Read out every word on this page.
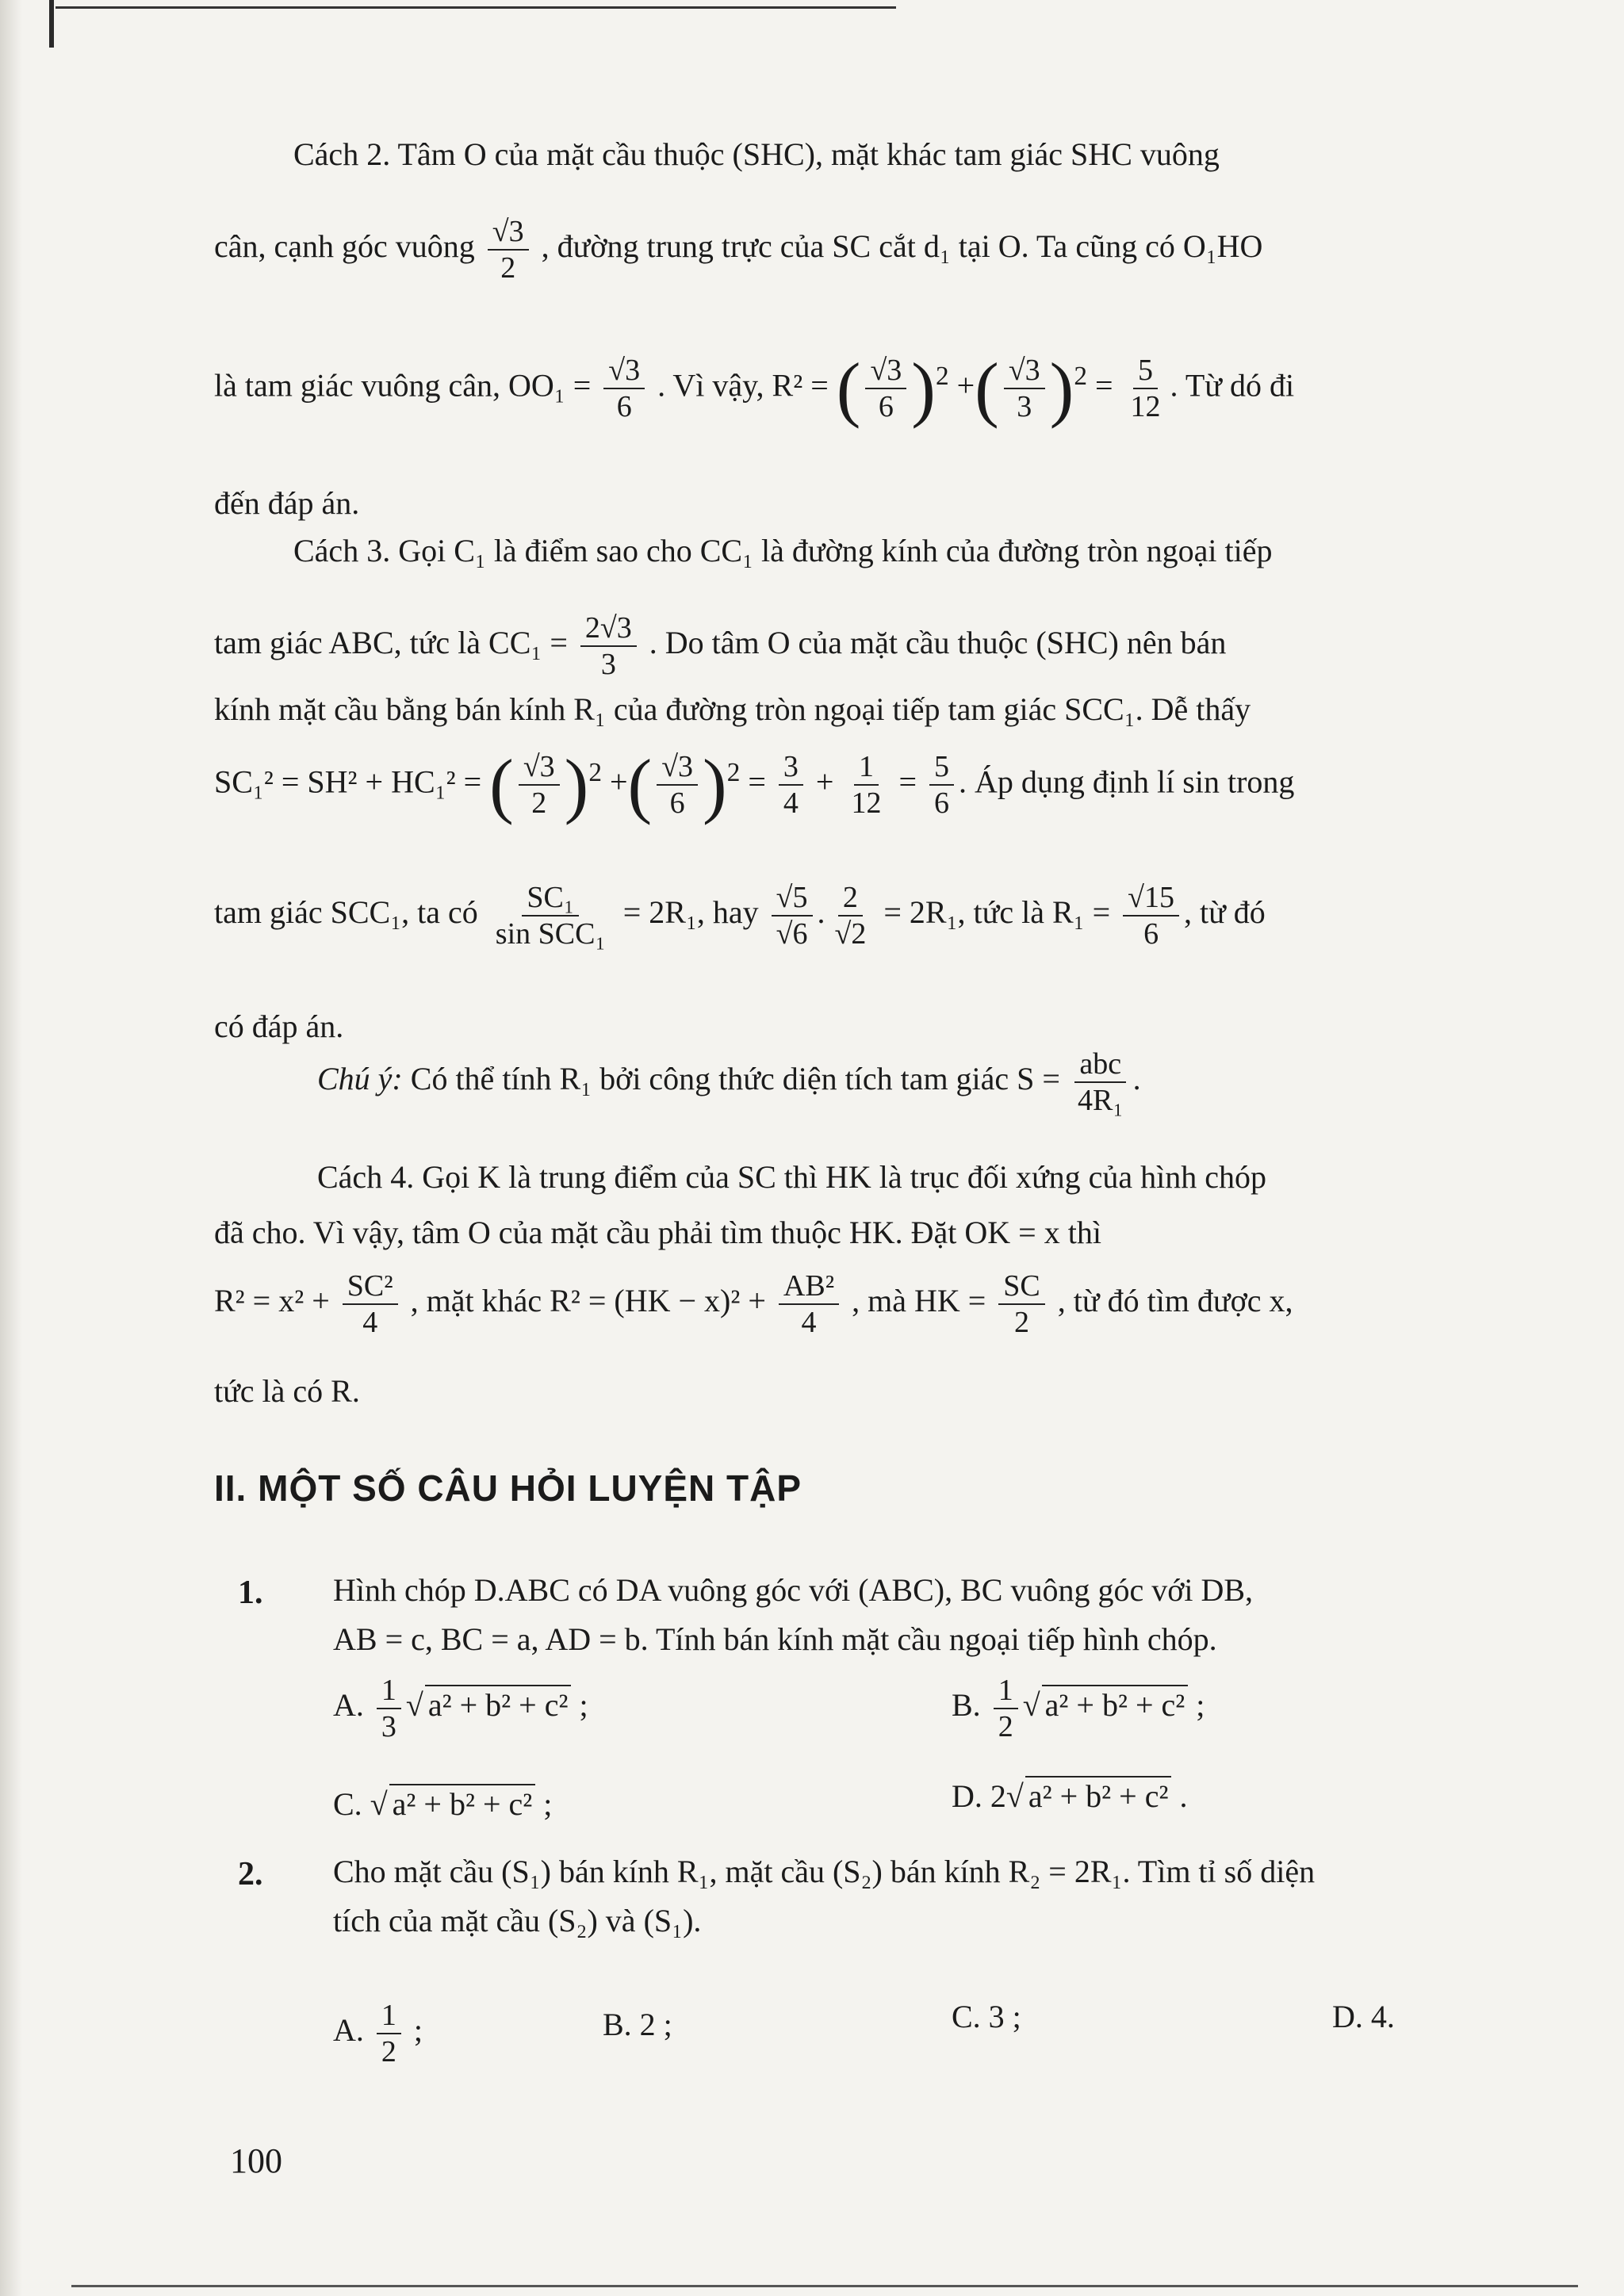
Cách 2. Tâm O của mặt cầu thuộc (SHC), mặt khác tam giác SHC vuông
cân, cạnh góc vuông $\frac{√3}{2}$ , đường trung trực của SC cắt d₁ tại O. Ta cũng có O₁HO
là tam giác vuông cân, $OO_1 = \frac{√3}{6}$ . Vì vậy, R² = ( $\frac{√3}{6} )^2$ +( $\frac{√3}{3} )^2 = \frac{5}{12}$ . Từ dó đi
đến đáp án.
Cách 3. Gọi C₁ là điểm sao cho CC₁ là đường kính của đường tròn ngoại tiếp
tam giác ABC, tức là $CC_1 = \frac{2√3}{3}$ . Do tâm O của mặt cầu thuộc (SHC) nên bán
kính mặt cầu bằng bán kính R₁ của đường tròn ngoại tiếp tam giác SCC₁. Dễ thấy
SC₁² = SH² + HC₁² = ( $\frac{√3}{2} )^2$ +( $\frac{√3}{6} )^2 = \frac{3}{4} + \frac{1}{12} = \frac{5}{6}$ . Áp dụng định lí sin trong
tam giác SCC₁, ta có $\frac{\text{SC₁}}{\text{sin SCC₁}} = 2R_1$, hay $\frac{√5}{√6}$ . $\frac{2}{√2} = 2R_1$, tức là $R_1 = \frac{√15}{6}$ , từ đó
có đáp án.
Chú ý: Có thể tính R₁ bởi công thức diện tích tam giác $S = \frac{\text{abc}}{\text{4R₁}}$ .
Cách 4. Gọi K là trung điểm của SC thì HK là trục đối xứng của hình chóp
đã cho. Vì vậy, tâm O của mặt cầu phải tìm thuộc HK. Đặt OK = x thì
$R^2 = x^2 + \frac{\text{SC²}}{4}$ , mặt khác $R^2 = (HK - x)^2 + \frac{\text{AB²}}{4}$ , mà HK = $\frac{SC}{2}$ , từ đó tìm được x,
tức là có R.
II. MỘT SỐ CÂU HỎI LUYỆN TẬP
1. Hình chóp D.ABC có DA vuông góc với (ABC), BC vuông góc với DB,
AB = c, BC = a, AD = b. Tính bán kính mặt cầu ngoại tiếp hình chóp.
A. $\frac{1}{3}$ √ a² + b² + c² ;	B. $\frac{1}{2}$ √ a² + b² + c² ;
C. √ a² + b² + c² ;	D. 2√ a² + b² + c² .
2. Cho mặt cầu (S₁) bán kính R₁, mặt cầu (S₂) bán kính R₂ = 2R₁. Tìm tỉ số diện
tích của mặt cầu (S₂) và (S₁).
A. $\frac{1}{2}$ ;	B. 2 ;	C. 3 ;	D. 4.
100
